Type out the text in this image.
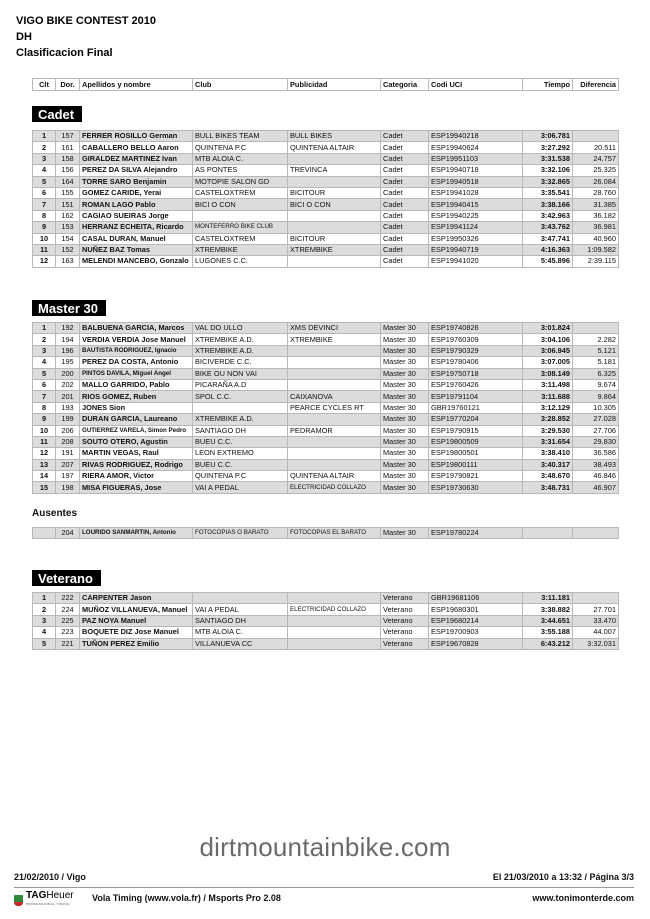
VIGO BIKE CONTEST 2010
DH
Clasificacion Final
Clt	Dor.	Apellidos y nombre	Club	Publicidad	Categoria	Codi UCI	Tiempo	Diferencia
Cadet
1	157	FERRER ROSILLO German	BULL BIKES TEAM	BULL BIKES	Cadet	ESP19940218	3:06.781	
2	161	CABALLERO BELLO Aaron	QUINTENA P.C	QUINTENA ALTAIR	Cadet	ESP19940624	3:27.292	20.511
3	158	GIRALDEZ MARTINEZ Ivan	MTB ALOIA C.		Cadet	ESP19951103	3:31.538	24.757
4	156	PEREZ DA SILVA Alejandro	AS PONTES	TREVINCA	Cadet	ESP19940718	3:32.106	25.325
5	164	TORRE SARO Benjamin	MOTOPIE SALON GD		Cadet	ESP19940518	3:32.865	26.084
6	155	GOMEZ CARIDE, Yerai	CASTELOXTREM	BICITOUR	Cadet	ESP19941028	3:35.541	28.760
7	151	ROMAN LAGO Pablo	BICI O CON	BICI O CON	Cadet	ESP19940415	3:38.166	31.385
8	162	CAGIAO SUEIRAS Jorge			Cadet	ESP19940225	3:42.963	36.182
9	153	HERRANZ ECHEITA, Ricardo	MONTEFERRO BIKE CLUB		Cadet	ESP19941124	3:43.762	36.981
10	154	CASAL DURAN, Manuel	CASTELOXTREM	BICITOUR	Cadet	ESP19950326	3:47.741	40.960
11	152	NUÑEZ BAZ Tomas	XTREMBIKE	XTREMBIKE	Cadet	ESP19940719	4:16.363	1:09.582
12	163	MELENDI MANCEBO, Gonzalo	LUGONES C.C.		Cadet	ESP19941020	5:45.896	2:39.115
Master 30
1	192	BALBUENA GARCIA, Marcos	VAL DO ULLO	XMS DEVINCI	Master 30	ESP19740826	3:01.824	
2	194	VERDIA VERDIA Jose Manuel	XTREMBIKE A.D.	XTREMBIKE	Master 30	ESP19760309	3:04.106	2.282
3	196	BAUTISTA RODRIGUEZ, Ignacio	XTREMBIKE A.D.		Master 30	ESP19790329	3:06.945	5.121
4	195	PEREZ DA COSTA, Antonio	BICIVERDE C.C.		Master 30	ESP19780406	3:07.005	5.181
5	200	PINTOS DAVILA, Miguel Angel	BIKE OU NON VAI		Master 30	ESP19750718	3:08.149	6.325
6	202	MALLO GARRIDO, Pablo	PICARAÑA A.D		Master 30	ESP19760426	3:11.498	9.674
7	201	RIOS GOMEZ, Ruben	SPOL C.C.	CAIXANOVA	Master 30	ESP19791104	3:11.688	9.864
8	193	JONES Sion		PEARCE CYCLES RT	Master 30	GBR19760121	3:12.129	10.305
9	199	DURAN GARCIA, Laureano	XTREMBIKE A.D.		Master 30	ESP19770204	3:28.852	27.028
10	206	GUTIERREZ VARELA, Simon Pedro	SANTIAGO DH	PEDRAMOR	Master 30	ESP19790915	3:29.530	27.706
11	208	SOUTO OTERO, Agustin	BUEU C.C.		Master 30	ESP19800509	3:31.654	29.830
12	191	MARTIN VEGAS, Raul	LEON EXTREMO		Master 30	ESP19800501	3:38.410	36.586
13	207	RIVAS RODRIGUEZ, Rodrigo	BUEU C.C.		Master 30	ESP19800111	3:40.317	38.493
14	197	RIERA AMOR, Victor	QUINTENA P.C	QUINTENA ALTAIR	Master 30	ESP19790821	3:48.670	46.846
15	198	MISA FIGUERAS, Jose	VAI A PEDAL	ELECTRICIDAD COLLAZO	Master 30	ESP19730630	3:48.731	46.907
Ausentes
	204	LOURIDO SANMARTIN, Antonio	FOTOCOPIAS O BARATO	FOTOCOPIAS EL BARATO	Master 30	ESP19780224		
Veterano
1	222	CARPENTER Jason			Veterano	GBR19681106	3:11.181	
2	224	MUÑOZ VILLANUEVA, Manuel	VAI A PEDAL	ELECTRICIDAD COLLAZO	Veterano	ESP19680301	3:38.882	27.701
3	225	PAZ NOYA Manuel	SANTIAGO DH		Veterano	ESP19680214	3:44.651	33.470
4	223	BOQUETE DIZ Jose Manuel	MTB ALOIA C.		Veterano	ESP19700903	3:55.188	44.007
5	221	TUÑON PEREZ Emilio	VILLANUEVA CC		Veterano	ESP19670828	6:43.212	3:32.031
dirtmountainbike.com
21/02/2010 / Vigo	El 21/03/2010 a 13:32 / Página 3/3
TAGHeuer
PROFESSIONAL TIMING
Vola Timing (www.vola.fr) / Msports Pro 2.08	www.tonimonterde.com
